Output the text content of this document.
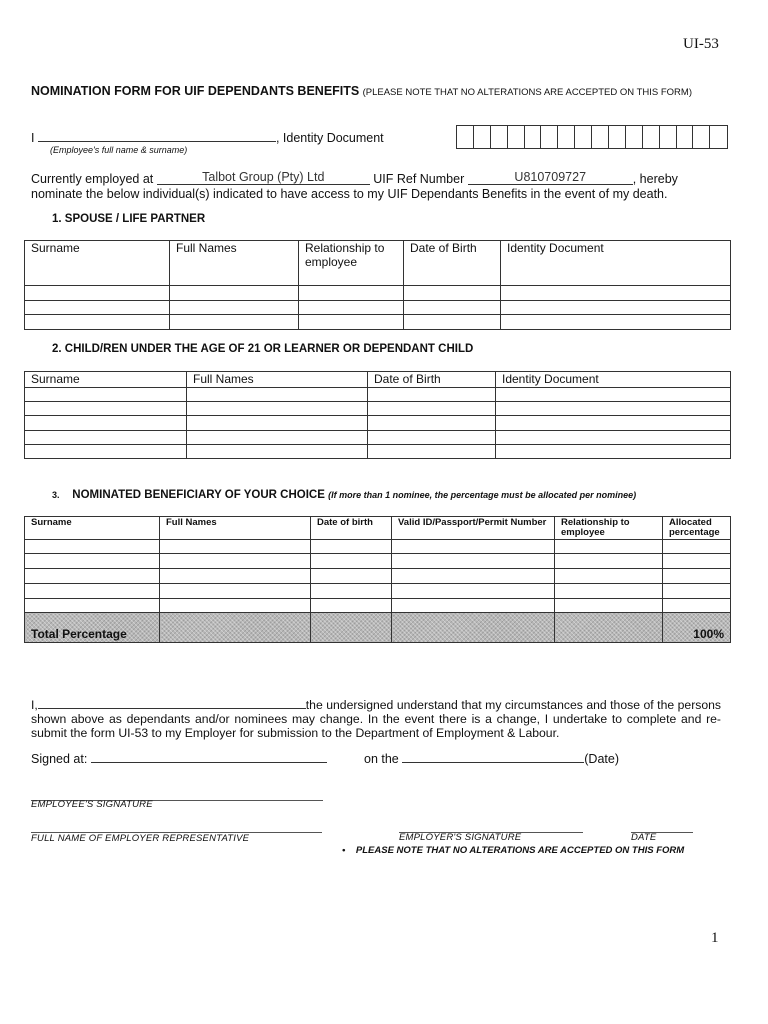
UI-53
NOMINATION FORM FOR UIF DEPENDANTS BENEFITS (PLEASE NOTE THAT NO ALTERATIONS ARE ACCEPTED ON THIS FORM)
I	, Identity Document
(Employee's full name & surname)
Currently employed at	Talbot Group (Pty) Ltd	UIF Ref Number	U810709727	, hereby
nominate the below individual(s) indicated to have access to my UIF Dependants Benefits in the event of my death.
1. SPOUSE / LIFE PARTNER
Surname	Full Names	Relationship to employee	Date of Birth	Identity Document

2. CHILD/REN UNDER THE AGE OF 21 OR LEARNER OR DEPENDANT CHILD
Surname	Full Names	Date of Birth	Identity Document

3. NOMINATED BENEFICIARY OF YOUR CHOICE (If more than 1 nominee, the percentage must be allocated per nominee)
Surname	Full Names	Date of birth	Valid ID/Passport/Permit Number	Relationship to employee	Allocated percentage

Total Percentage					100%
I,	the undersigned understand that my circumstances and those of the persons shown above as dependants and/or nominees may change. In the event there is a change, I undertake to complete and re-submit the form UI-53 to my Employer for submission to the Department of Employment & Labour.
Signed at:	on the	(Date)
EMPLOYEE'S SIGNATURE
FULL NAME OF EMPLOYER REPRESENTATIVE	EMPLOYER'S SIGNATURE	DATE
• PLEASE NOTE THAT NO ALTERATIONS ARE ACCEPTED ON THIS FORM
1
